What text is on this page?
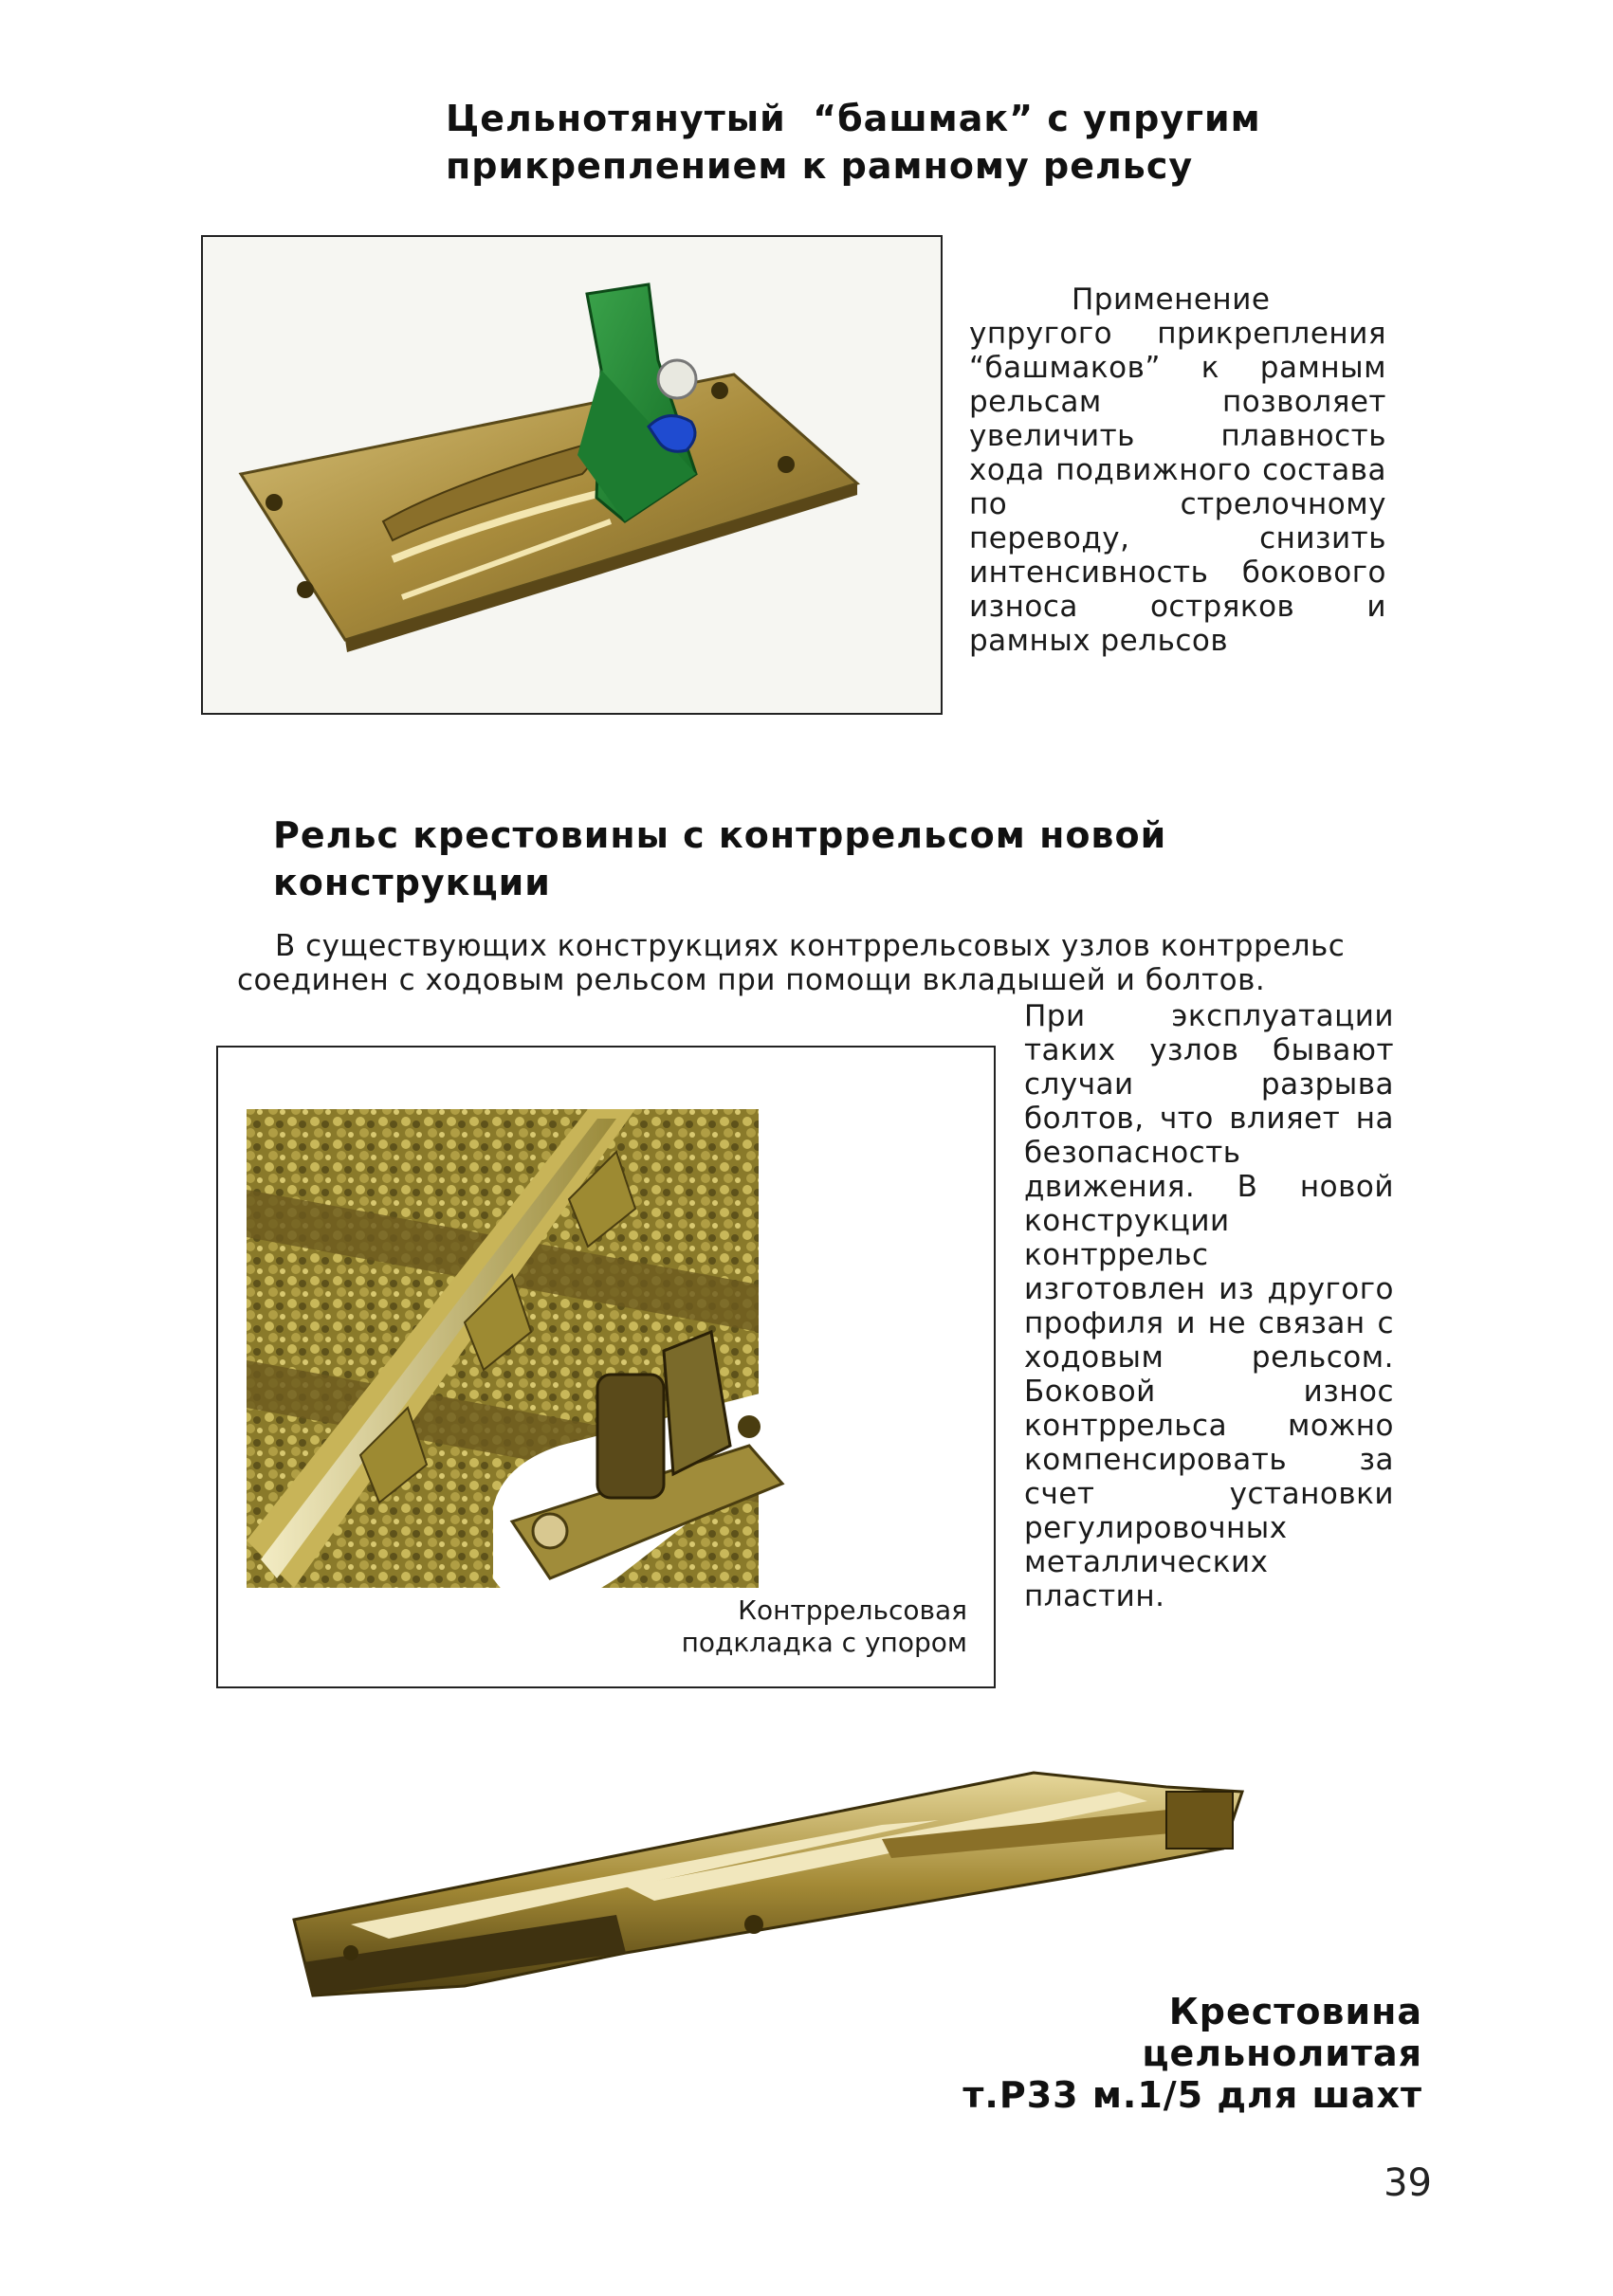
Цельнотянутый  “башмак” с упругим
прикреплением к рамному рельсу
Применение упругого прикрепления “башмаков” к рамным рельсам позволяет увеличить плавность хода подвижного состава по стрелочному переводу, снизить интенсивность бокового износа остряков и рамных рельсов
Рельс крестовины с контррельсом новой конструкции
В существующих конструкциях контррельсовых узлов контррельс
соединен с ходовым рельсом при помощи вкладышей и болтов.
Контррельсовая
подкладка с упором
При эксплуатации таких узлов бывают случаи разрыва болтов, что влияет на безопасность движения. В новой конструкции контррельс изготовлен из другого профиля и не связан с ходовым рельсом. Боковой износ контррельса можно компенсировать за счет установки регулировочных металлических пластин.
Крестовина цельнолитая
т.Р33 м.1/5 для шахт
39
